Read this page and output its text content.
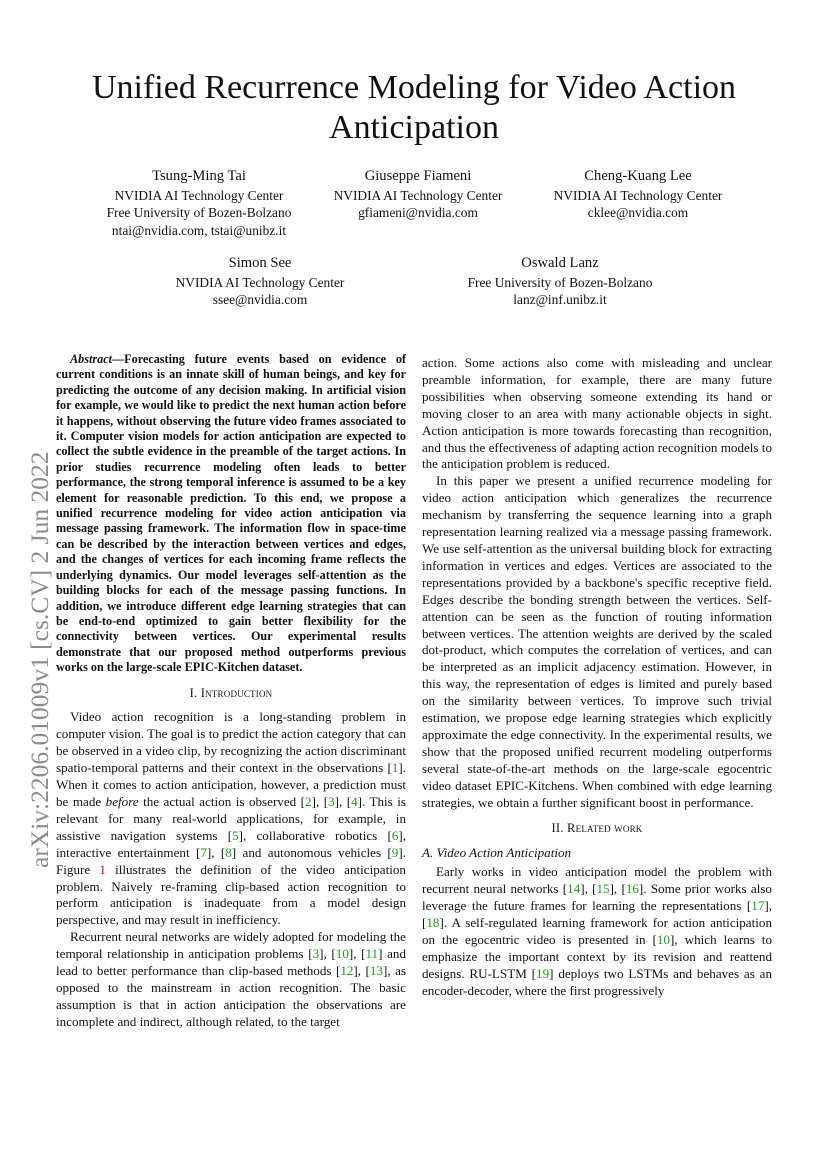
Unified Recurrence Modeling for Video Action Anticipation
Tsung-Ming Tai
NVIDIA AI Technology Center
Free University of Bozen-Bolzano
ntai@nvidia.com, tstai@unibz.it
Giuseppe Fiameni
NVIDIA AI Technology Center
gfiameni@nvidia.com
Cheng-Kuang Lee
NVIDIA AI Technology Center
cklee@nvidia.com
Simon See
NVIDIA AI Technology Center
ssee@nvidia.com
Oswald Lanz
Free University of Bozen-Bolzano
lanz@inf.unibz.it
arXiv:2206.01009v1 [cs.CV] 2 Jun 2022

Abstract—Forecasting future events based on evidence of current conditions is an innate skill of human beings, and key for predicting the outcome of any decision making. In artificial vision for example, we would like to predict the next human action before it happens, without observing the future video frames associated to it. Computer vision models for action anticipation are expected to collect the subtle evidence in the preamble of the target actions. In prior studies recurrence modeling often leads to better performance, the strong temporal inference is assumed to be a key element for reasonable prediction. To this end, we propose a unified recurrence modeling for video action anticipation via message passing framework. The information flow in space-time can be described by the interaction between vertices and edges, and the changes of vertices for each incoming frame reflects the underlying dynamics. Our model leverages self-attention as the building blocks for each of the message passing functions. In addition, we introduce different edge learning strategies that can be end-to-end optimized to gain better flexibility for the connectivity between vertices. Our experimental results demonstrate that our proposed method outperforms previous works on the large-scale EPIC-Kitchen dataset.

I. Introduction

Video action recognition is a long-standing problem in computer vision. The goal is to predict the action category that can be observed in a video clip, by recognizing the action discriminant spatio-temporal patterns and their context in the observations [1]. When it comes to action anticipation, however, a prediction must be made before the actual action is observed [2], [3], [4]. This is relevant for many real-world applications, for example, in assistive navigation systems [5], collaborative robotics [6], interactive entertainment [7], [8] and autonomous vehicles [9]. Figure 1 illustrates the definition of the video anticipation problem. Naively re-framing clip-based action recognition to perform anticipation is inadequate from a model design perspective, and may result in inefficiency.

Recurrent neural networks are widely adopted for modeling the temporal relationship in anticipation problems [3], [10], [11] and lead to better performance than clip-based methods [12], [13], as opposed to the mainstream in action recognition. The basic assumption is that in action anticipation the observations are incomplete and indirect, although related, to the target

action. Some actions also come with misleading and unclear preamble information, for example, there are many future possibilities when observing someone extending its hand or moving closer to an area with many actionable objects in sight. Action anticipation is more towards forecasting than recognition, and thus the effectiveness of adapting action recognition models to the anticipation problem is reduced.

In this paper we present a unified recurrence modeling for video action anticipation which generalizes the recurrence mechanism by transferring the sequence learning into a graph representation learning realized via a message passing framework. We use self-attention as the universal building block for extracting information in vertices and edges. Vertices are associated to the representations provided by a backbone's specific receptive field. Edges describe the bonding strength between the vertices. Self-attention can be seen as the function of routing information between vertices. The attention weights are derived by the scaled dot-product, which computes the correlation of vertices, and can be interpreted as an implicit adjacency estimation. However, in this way, the representation of edges is limited and purely based on the similarity between vertices. To improve such trivial estimation, we propose edge learning strategies which explicitly approximate the edge connectivity. In the experimental results, we show that the proposed unified recurrent modeling outperforms several state-of-the-art methods on the large-scale egocentric video dataset EPIC-Kitchens. When combined with edge learning strategies, we obtain a further significant boost in performance.

II. Related work
A. Video Action Anticipation

Early works in video anticipation model the problem with recurrent neural networks [14], [15], [16]. Some prior works also leverage the future frames for learning the representations [17], [18]. A self-regulated learning framework for action anticipation on the egocentric video is presented in [10], which learns to emphasize the important context by its revision and reattend designs. RU-LSTM [19] deploys two LSTMs and behaves as an encoder-decoder, where the first progressively
